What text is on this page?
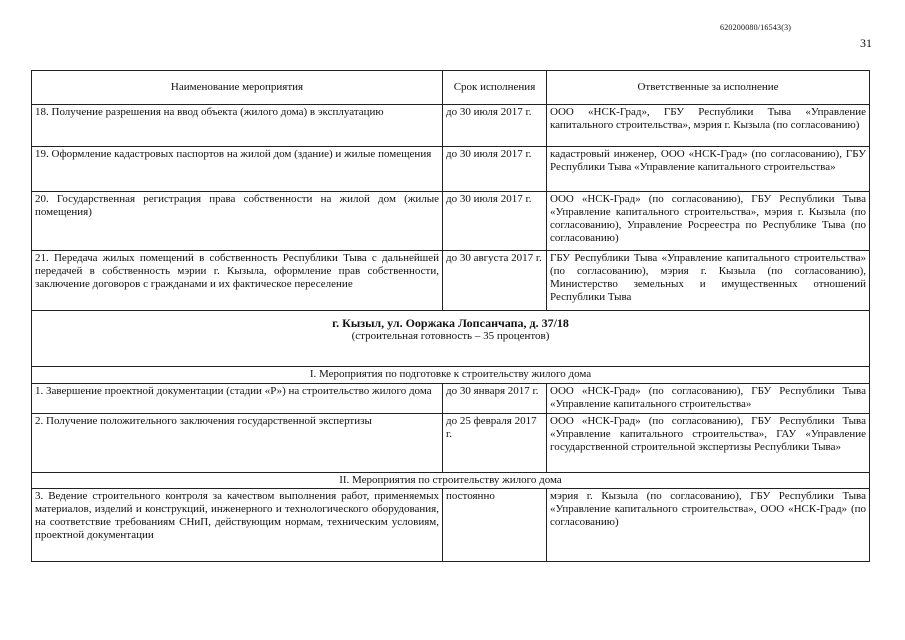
620200080/16543(3)
31
Наименование мероприятия	Срок исполнения	Ответственные за исполнение
18. Получение разрешения на ввод объекта (жилого дома) в эксплуатацию	до 30 июля 2017 г.	ООО «НСК-Град», ГБУ Республики Тыва «Управление капитального строительства», мэрия г. Кызыла (по согласованию)
19. Оформление кадастровых паспортов на жилой дом (здание) и жилые помещения	до 30 июля 2017 г.	кадастровый инженер, ООО «НСК-Град» (по согласованию), ГБУ Республики Тыва «Управление капитального строительства»
20. Государственная регистрация права собственности на жилой дом (жилые помещения)	до 30 июля 2017 г.	ООО «НСК-Град» (по согласованию), ГБУ Республики Тыва «Управление капитального строительства», мэрия г. Кызыла (по согласованию), Управление Росреестра по Республике Тыва (по согласованию)
21. Передача жилых помещений в собственность Республики Тыва с дальнейшей передачей в собственность мэрии г. Кызыла, оформление прав собственности, заключение договоров с гражданами и их фактическое переселение	до 30 августа 2017 г.	ГБУ Республики Тыва «Управление капитального строительства» (по согласованию), мэрия г. Кызыла (по согласованию), Министерство земельных и имущественных отношений Республики Тыва

г. Кызыл, ул. Ооржака Лопсанчапа, д. 37/18
(строительная готовность – 35 процентов)		
I. Мероприятия по подготовке к строительству жилого дома		
1. Завершение проектной документации (стадии «Р») на строительство жилого дома	до 30 января 2017 г.	ООО «НСК-Град» (по согласованию), ГБУ Республики Тыва «Управление капитального строительства»
2. Получение положительного заключения государственной экспертизы	до 25 февраля 2017 г.	ООО «НСК-Град» (по согласованию), ГБУ Республики Тыва «Управление капитального строительства», ГАУ «Управление государственной строительной экспертизы Республики Тыва»
II. Мероприятия по строительству жилого дома		
3. Ведение строительного контроля за качеством выполнения работ, применяемых материалов, изделий и конструкций, инженерного и технологического оборудования, на соответствие требованиям СНиП, действующим нормам, техническим условиям, проектной документации	постоянно	мэрия г. Кызыла (по согласованию), ГБУ Республики Тыва «Управление капитального строительства», ООО «НСК-Град» (по согласованию)
